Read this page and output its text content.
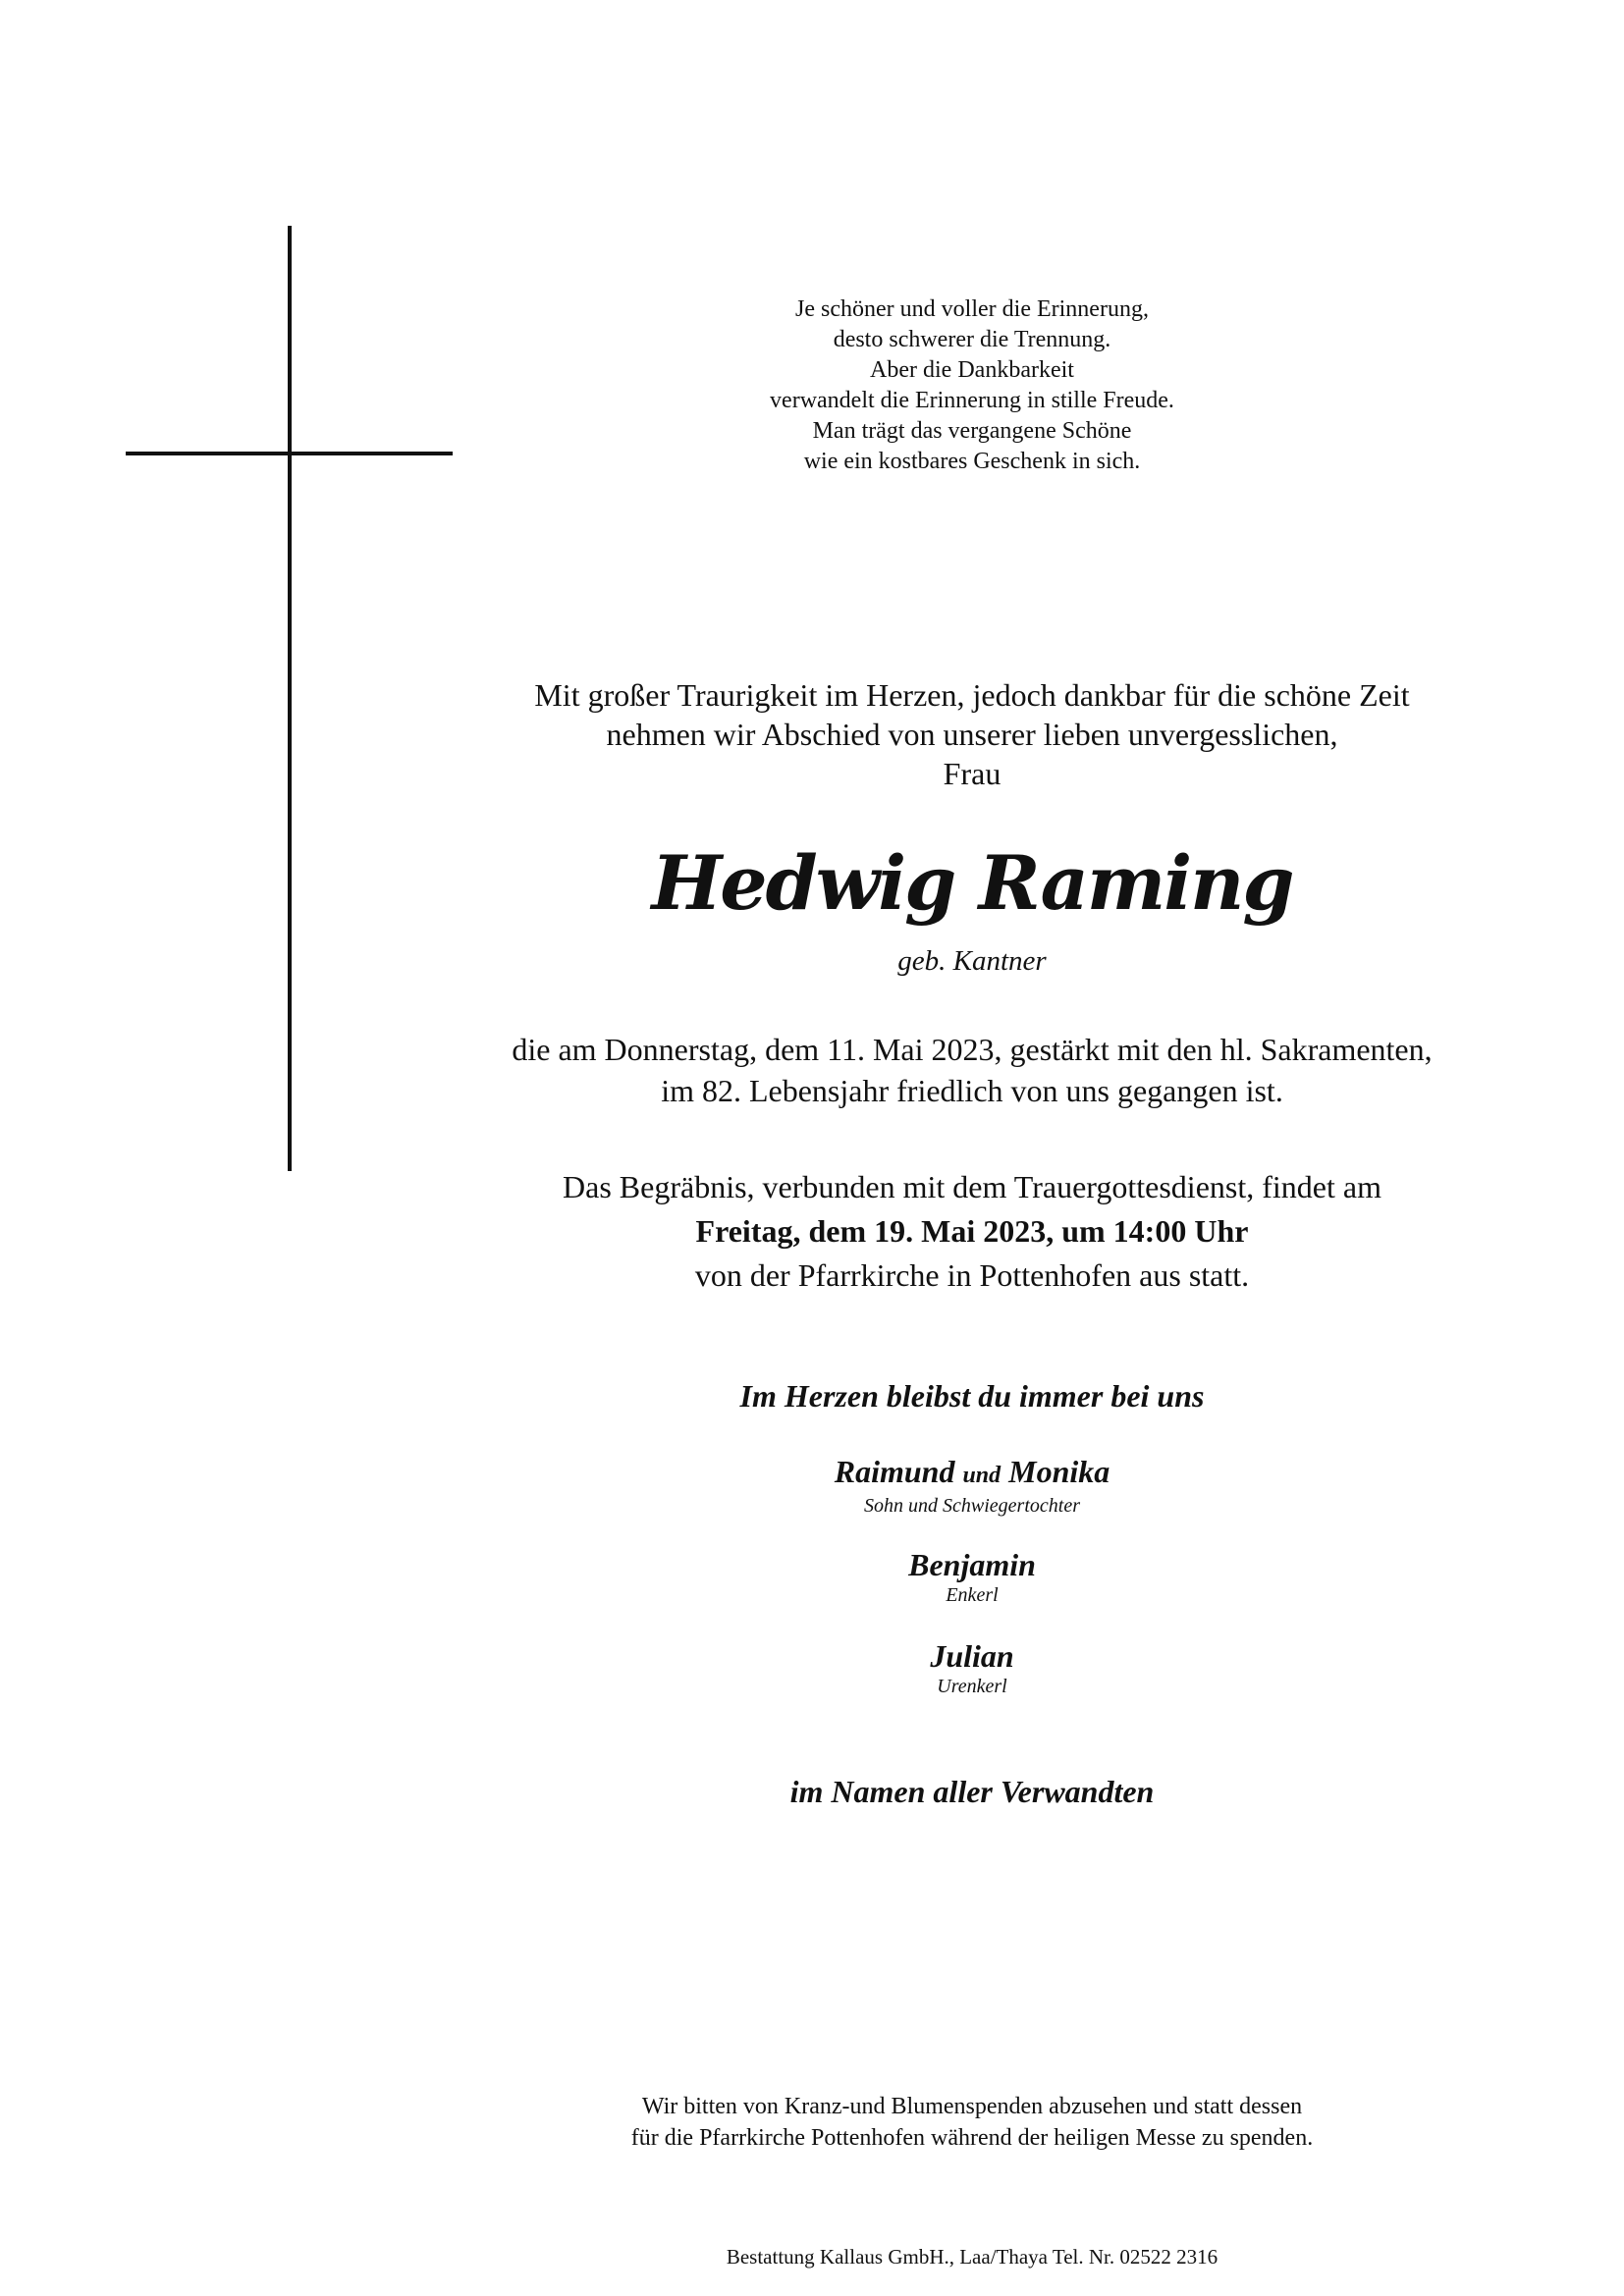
Je schöner und voller die Erinnerung,
desto schwerer die Trennung.
Aber die Dankbarkeit
verwandelt die Erinnerung in stille Freude.
Man trägt das vergangene Schöne
wie ein kostbares Geschenk in sich.
Mit großer Traurigkeit im Herzen, jedoch dankbar für die schöne Zeit
nehmen wir Abschied von unserer lieben unvergesslichen,
Frau
Hedwig Raming
geb. Kantner
die am Donnerstag, dem 11. Mai 2023, gestärkt mit den hl. Sakramenten,
im 82. Lebensjahr friedlich von uns gegangen ist.
Das Begräbnis, verbunden mit dem Trauergottesdienst, findet am
Freitag, dem 19. Mai 2023, um 14:00 Uhr
von der Pfarrkirche in Pottenhofen aus statt.
Im Herzen bleibst du immer bei uns
Raimund und Monika
Sohn und Schwiegertochter
Benjamin
Enkerl
Julian
Urenkerl
im Namen aller Verwandten
Wir bitten von Kranz-und Blumenspenden abzusehen und statt dessen
für die Pfarrkirche Pottenhofen während der heiligen Messe zu spenden.
Bestattung Kallaus GmbH., Laa/Thaya Tel. Nr. 02522 2316
